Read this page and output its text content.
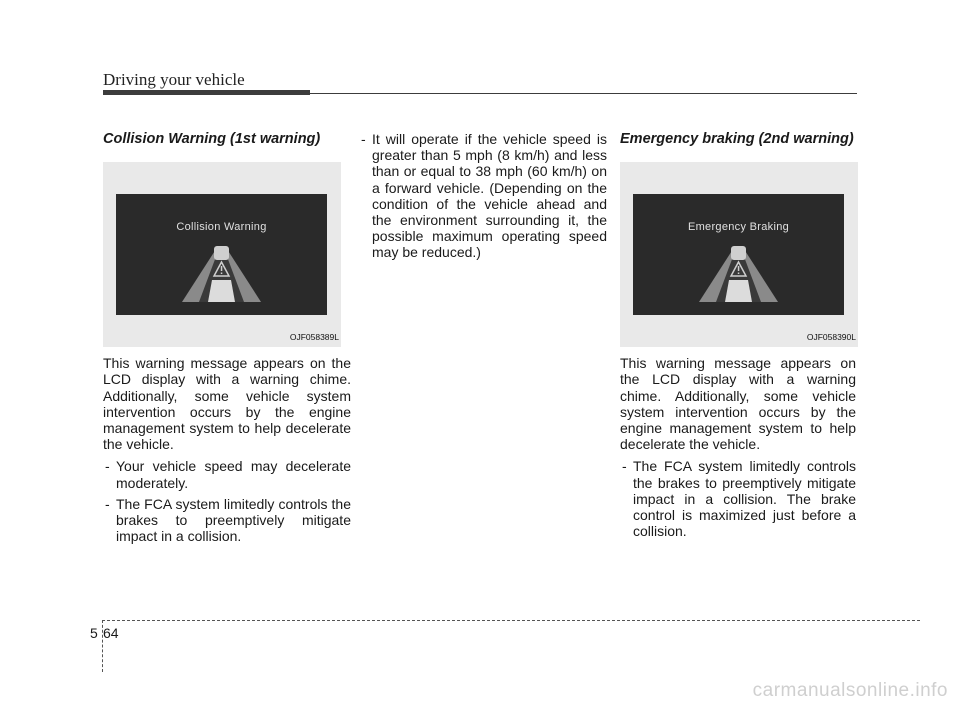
Driving your vehicle
Collision Warning (1st warning)
Collision Warning
OJF058389L
This warning message appears on the LCD display with a warning chime. Additionally, some vehicle system intervention occurs by the engine management system to help decelerate the vehicle.
- Your vehicle speed may decelerate moderately.
- The FCA system limitedly controls the brakes to preemptively mitigate impact in a collision.
- It will operate if the vehicle speed is greater than 5 mph (8 km/h) and less than or equal to 38 mph (60 km/h) on a forward vehicle. (Depending on the condition of the vehicle ahead and the environment surrounding it, the possible maximum operating speed may be reduced.)
Emergency braking (2nd warning)
Emergency Braking
OJF058390L
This warning message appears on the LCD display with a warning chime. Additionally, some vehicle system intervention occurs by the engine management system to help decelerate the vehicle.
- The FCA system limitedly controls the brakes to preemptively mitigate impact in a collision. The brake control is maximized just before a collision.
5 64
carmanualsonline.info
